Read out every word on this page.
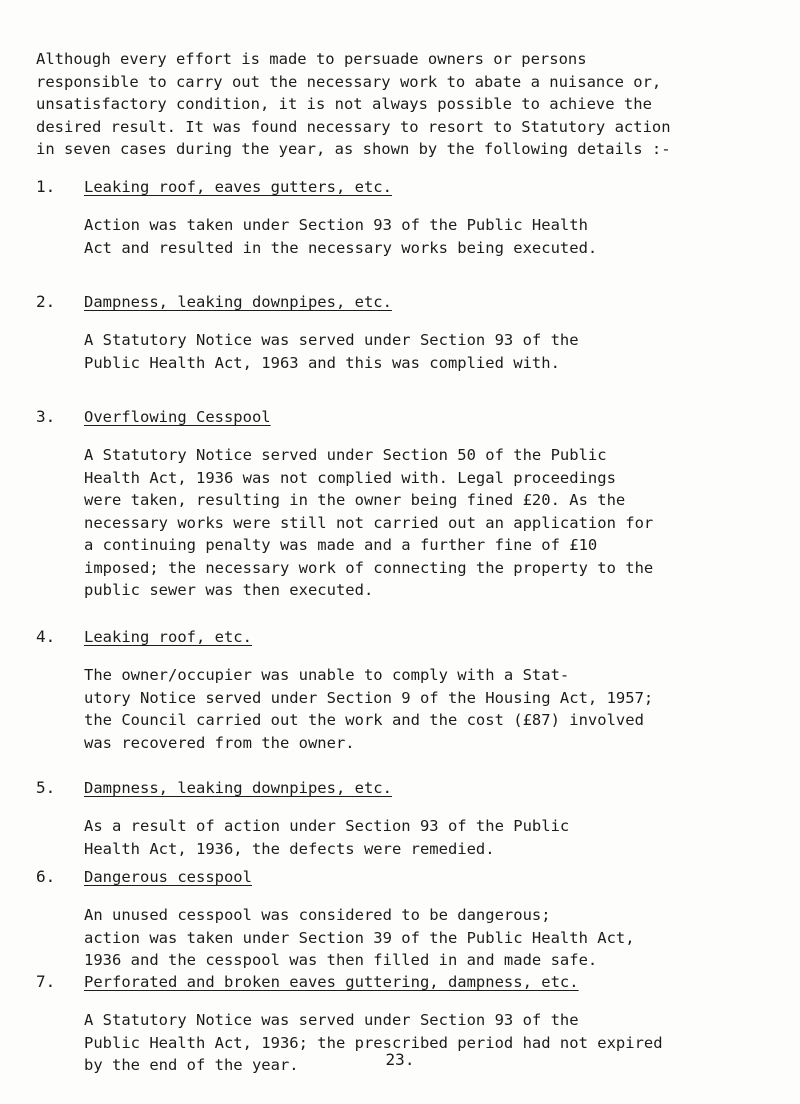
Although every effort is made to persuade owners or persons
responsible to carry out the necessary work to abate a nuisance or,
unsatisfactory condition, it is not always possible to achieve the
desired result. It was found necessary to resort to Statutory action
in seven cases during the year, as shown by the following details :-
1. Leaking roof, eaves gutters, etc.
Action was taken under Section 93 of the Public Health
Act and resulted in the necessary works being executed.
2. Dampness, leaking downpipes, etc.
A Statutory Notice was served under Section 93 of the
Public Health Act, 1963 and this was complied with.
3. Overflowing Cesspool
A Statutory Notice served under Section 50 of the Public
Health Act, 1936 was not complied with. Legal proceedings
were taken, resulting in the owner being fined £20. As the
necessary works were still not carried out an application for
a continuing penalty was made and a further fine of £10
imposed; the necessary work of connecting the property to the
public sewer was then executed.
4. Leaking roof, etc.
The owner/occupier was unable to comply with a Stat-
utory Notice served under Section 9 of the Housing Act, 1957;
the Council carried out the work and the cost (£87) involved
was recovered from the owner.
5. Dampness, leaking downpipes, etc.
As a result of action under Section 93 of the Public
Health Act, 1936, the defects were remedied.
6. Dangerous cesspool
An unused cesspool was considered to be dangerous;
action was taken under Section 39 of the Public Health Act,
1936 and the cesspool was then filled in and made safe.
7. Perforated and broken eaves guttering, dampness, etc.
A Statutory Notice was served under Section 93 of the
Public Health Act, 1936; the prescribed period had not expired
by the end of the year.	23.
